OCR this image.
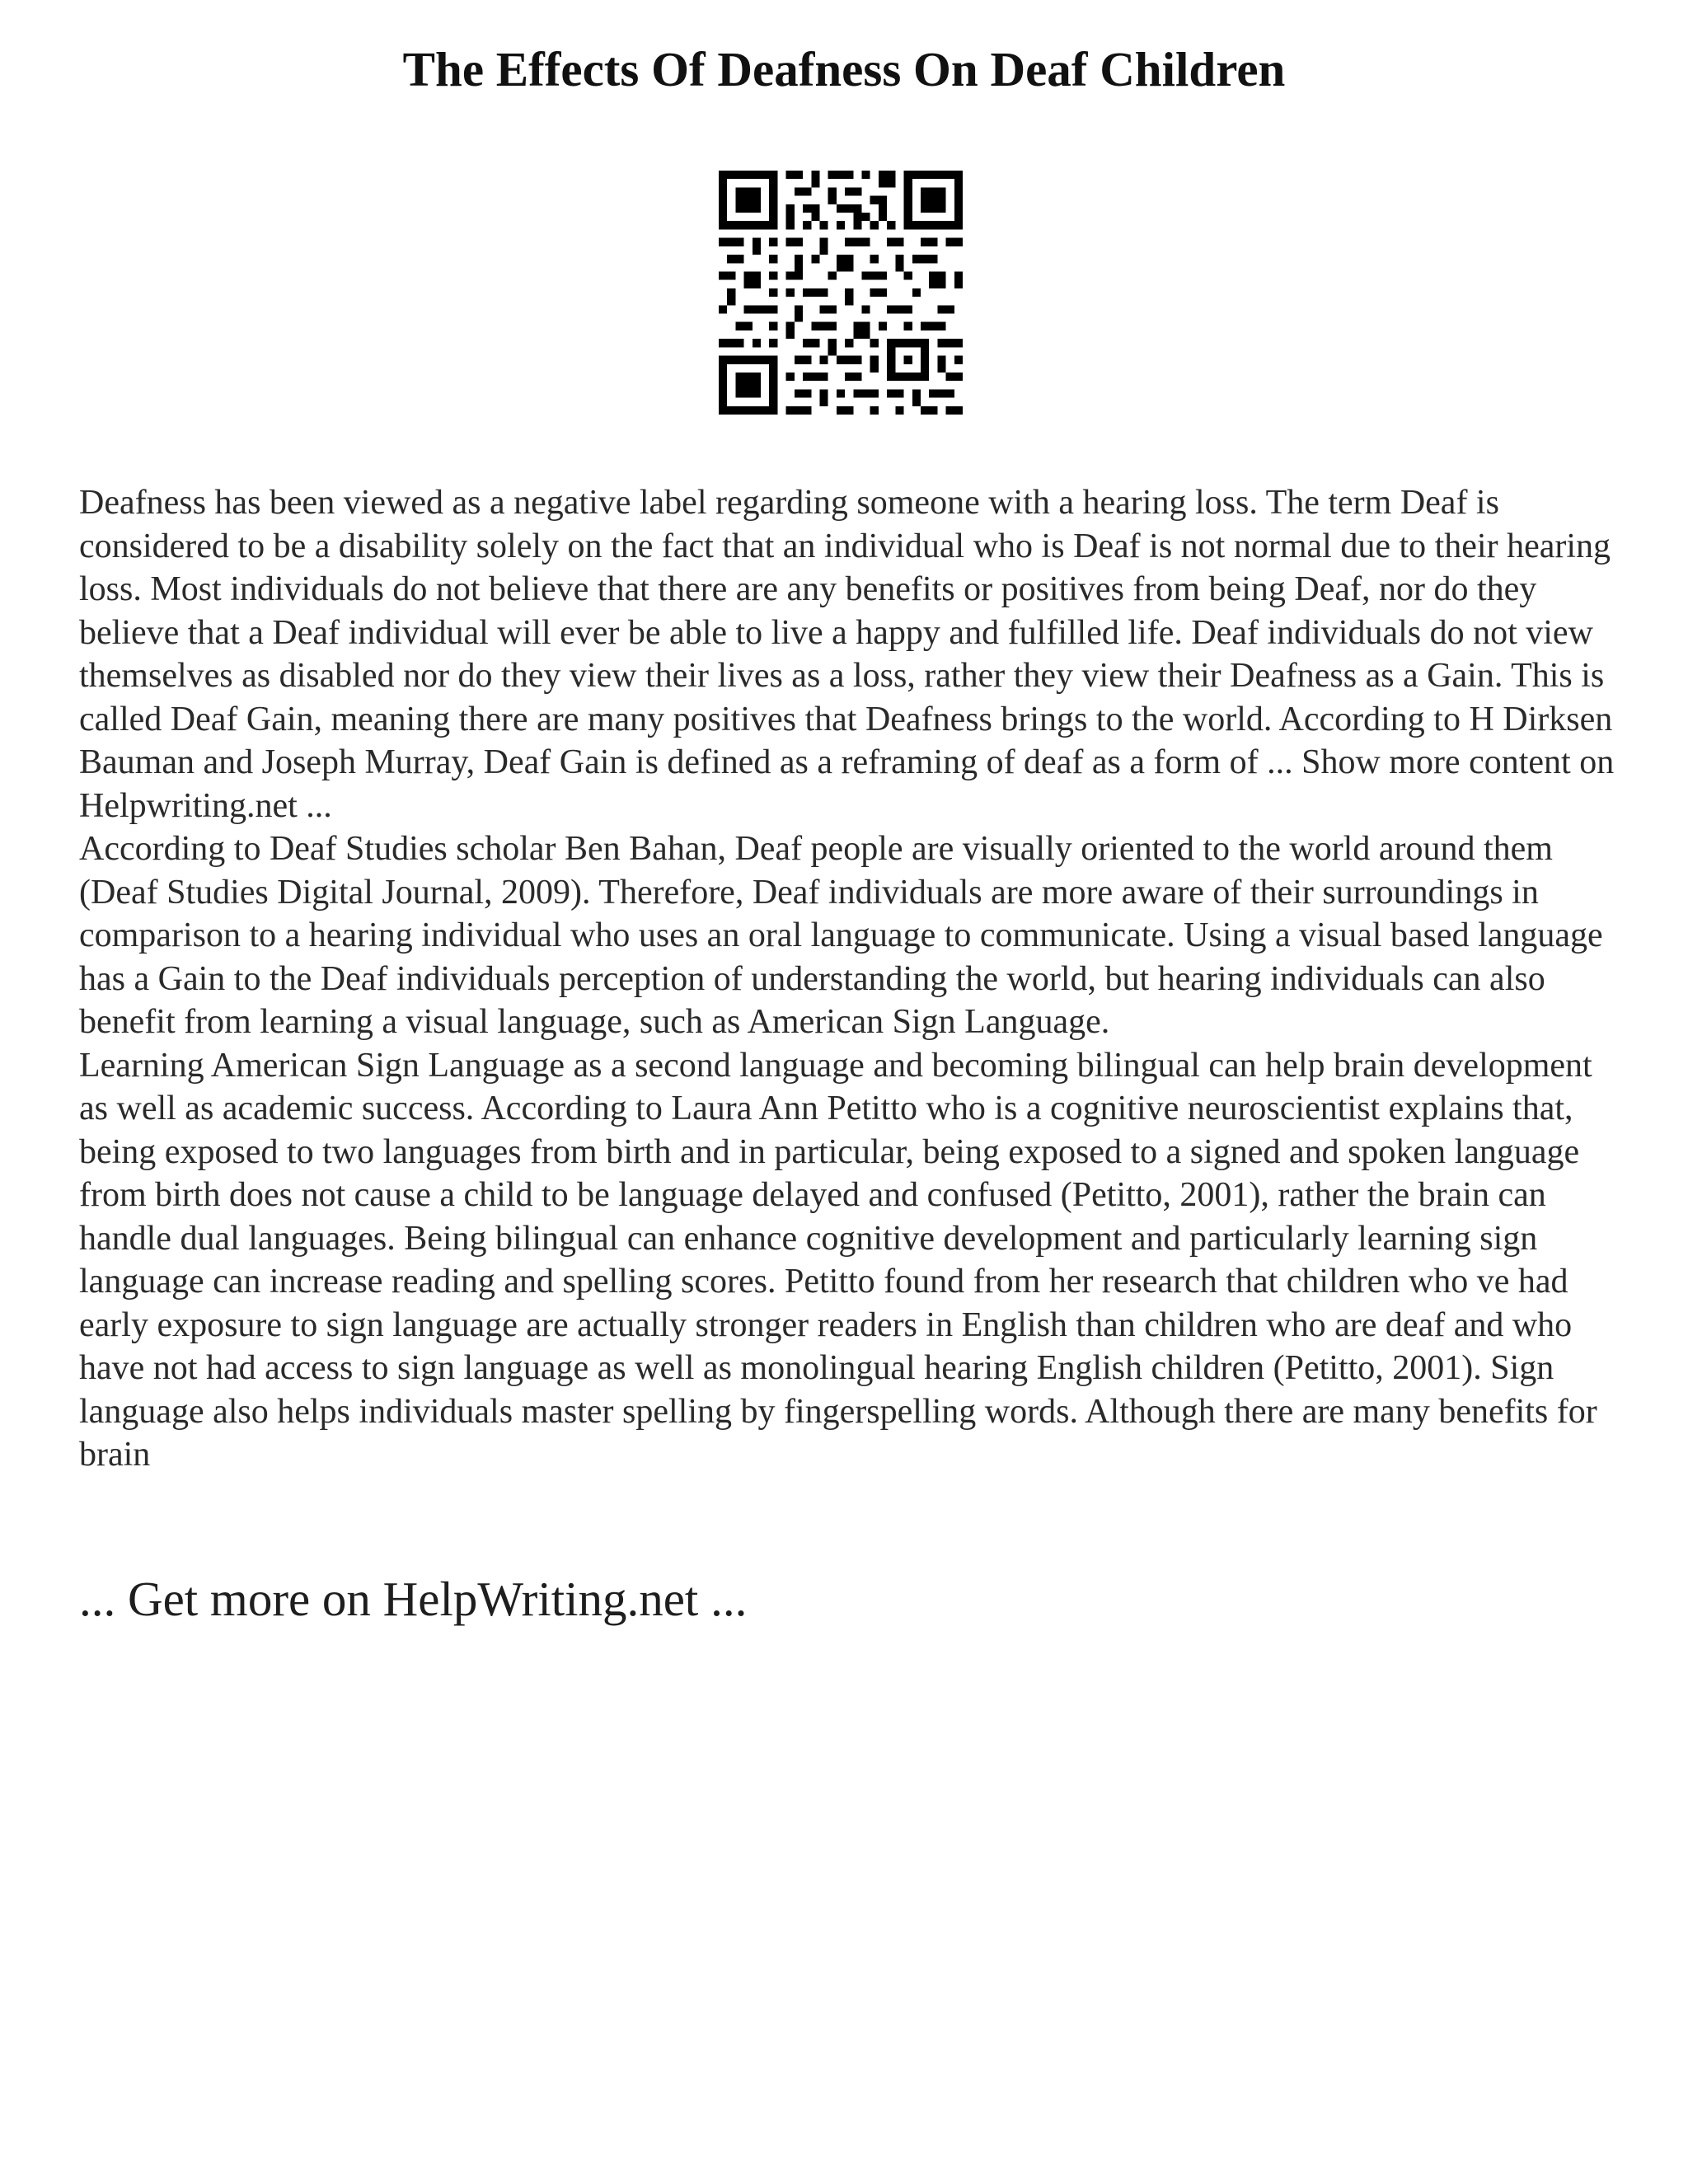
The Effects Of Deafness On Deaf Children

Deafness has been viewed as a negative label regarding someone with a hearing loss. The term Deaf is considered to be a disability solely on the fact that an individual who is Deaf is not normal due to their hearing loss. Most individuals do not believe that there are any benefits or positives from being Deaf, nor do they believe that a Deaf individual will ever be able to live a happy and fulfilled life. Deaf individuals do not view themselves as disabled nor do they view their lives as a loss, rather they view their Deafness as a Gain. This is called Deaf Gain, meaning there are many positives that Deafness brings to the world. According to H Dirksen Bauman and Joseph Murray, Deaf Gain is defined as a reframing of deaf as a form of ... Show more content on Helpwriting.net ...

According to Deaf Studies scholar Ben Bahan, Deaf people are visually oriented to the world around them (Deaf Studies Digital Journal, 2009). Therefore, Deaf individuals are more aware of their surroundings in comparison to a hearing individual who uses an oral language to communicate. Using a visual based language has a Gain to the Deaf individuals perception of understanding the world, but hearing individuals can also benefit from learning a visual language, such as American Sign Language.

Learning American Sign Language as a second language and becoming bilingual can help brain development as well as academic success. According to Laura Ann Petitto who is a cognitive neuroscientist explains that, being exposed to two languages from birth and in particular, being exposed to a signed and spoken language from birth does not cause a child to be language delayed and confused (Petitto, 2001), rather the brain can handle dual languages. Being bilingual can enhance cognitive development and particularly learning sign language can increase reading and spelling scores. Petitto found from her research that children who ve had early exposure to sign language are actually stronger readers in English than children who are deaf and who have not had access to sign language as well as monolingual hearing English children (Petitto, 2001). Sign language also helps individuals master spelling by fingerspelling words. Although there are many benefits for brain

... Get more on HelpWriting.net ...
